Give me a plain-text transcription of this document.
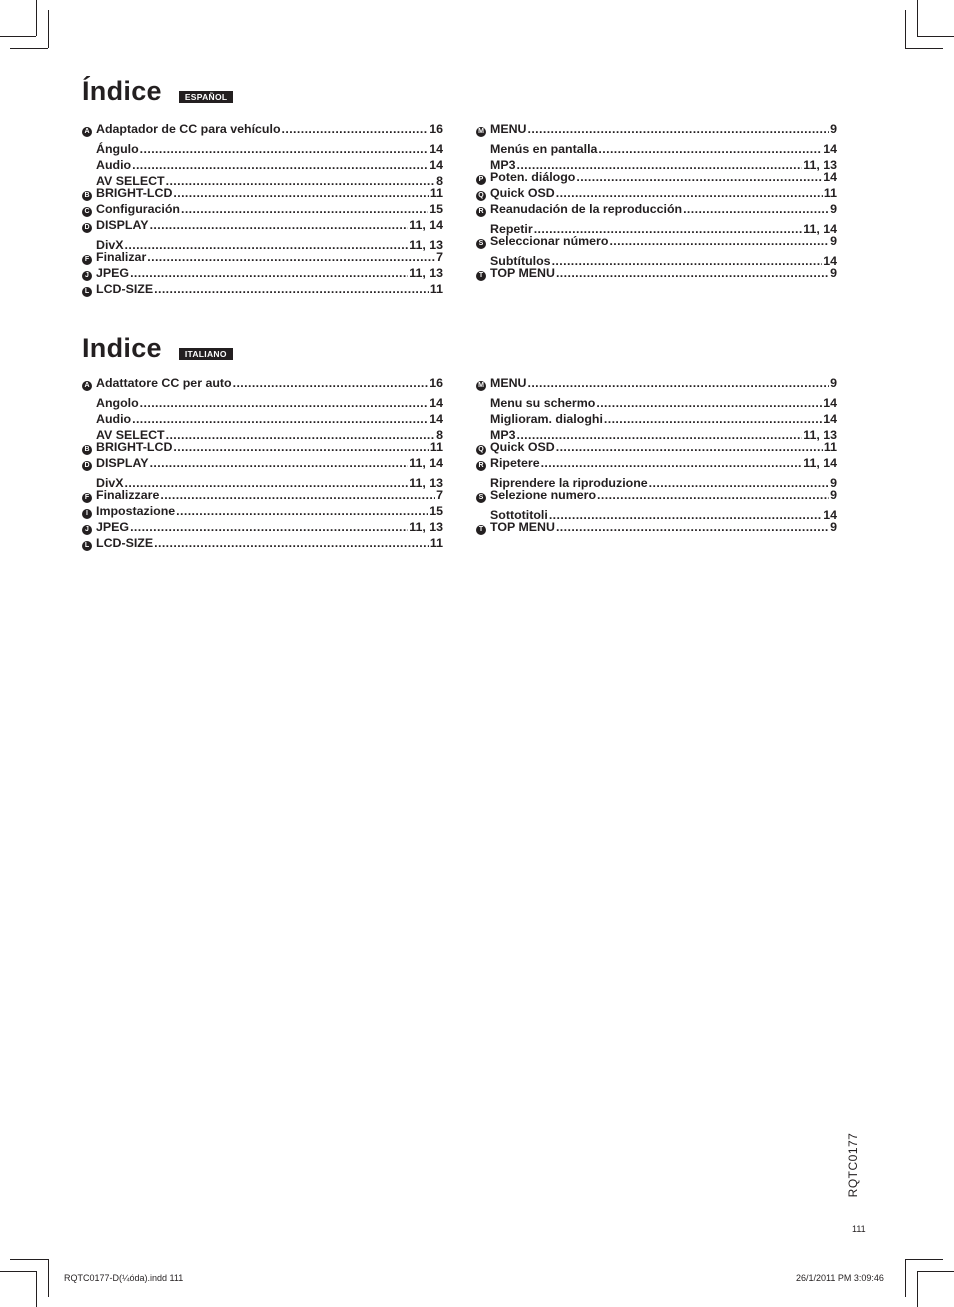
Índice	ESPAÑOL
A Adaptador de CC para vehículo .....	16
Ángulo .....	14
Audio .....	14
AV SELECT .....	8
B BRIGHT-LCD .....	11
C Configuración .....	15
D DISPLAY .....	11, 14
DivX .....	11, 13
F Finalizar .....	7
J JPEG .....	11, 13
L LCD-SIZE .....	11
M MENU .....	9
Menús en pantalla .....	14
MP3 .....	11, 13
P Poten. diálogo .....	14
Q Quick OSD .....	11
R Reanudación de la reproducción .....	9
Repetir .....	11, 14
S Seleccionar número .....	9
Subtítulos .....	14
T TOP MENU .....	9
Indice	ITALIANO
A Adattatore CC per auto .....	16
Angolo .....	14
Audio .....	14
AV SELECT .....	8
B BRIGHT-LCD .....	11
D DISPLAY .....	11, 14
DivX .....	11, 13
F Finalizzare .....	7
I Impostazione .....	15
J JPEG .....	11, 13
L LCD-SIZE .....	11
M MENU .....	9
Menu su schermo .....	14
Miglioram. dialoghi .....	14
MP3 .....	11, 13
Q Quick OSD .....	11
R Ripetere .....	11, 14
Riprendere la riproduzione .....	9
S Selezione numero .....	9
Sottotitoli .....	14
T TOP MENU .....	9
RQTC0177
111
RQTC0177-D(¼óda).indd 111	26/1/2011 PM 3:09:46
